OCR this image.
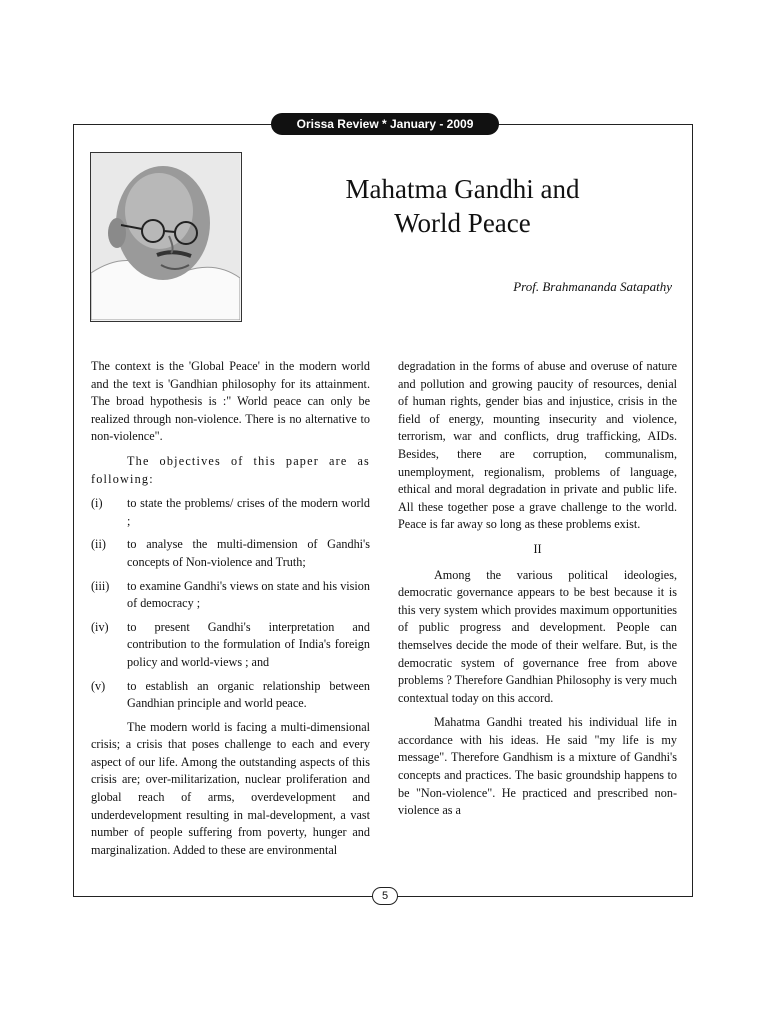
Orissa Review * January - 2009
Mahatma Gandhi and
World Peace
Prof. Brahmananda Satapathy

The context is the 'Global Peace' in the modern world and the text is 'Gandhian philosophy for its attainment. The broad hypothesis is :" World peace can only be realized through non-violence. There is no alternative to non-violence".

The objectives of this paper are as following:

(i)	to state the problems/ crises of the modern world ;
(ii)	to analyse the multi-dimension of Gandhi's concepts of Non-violence and Truth;
(iii)	to examine Gandhi's views on state and his vision of democracy ;
(iv)	to present Gandhi's interpretation and contribution to the formulation of India's foreign policy and world-views ; and
(v)	to establish an organic relationship between Gandhian principle and world peace.

The modern world is facing a multi-dimensional crisis; a crisis that poses challenge to each and every aspect of our life. Among the outstanding aspects of this crisis are; over-militarization, nuclear proliferation and global reach of arms, overdevelopment and underdevelopment resulting in mal-development, a vast number of people suffering from poverty, hunger and marginalization. Added to these are environmental

degradation in the forms of abuse and overuse of nature and pollution and growing paucity of resources, denial of human rights, gender bias and injustice, crisis in the field of energy, mounting insecurity and violence, terrorism, war and conflicts, drug trafficking, AIDs. Besides, there are corruption, communalism, unemployment, regionalism, problems of language, ethical and moral degradation in private and public life. All these together pose a grave challenge to the world. Peace is far away so long as these problems exist.

II

Among the various political ideologies, democratic governance appears to be best because it is this very system which provides maximum opportunities of public progress and development. People can themselves decide the mode of their welfare. But, is the democratic system of governance free from above problems ? Therefore Gandhian Philosophy is very much contextual today on this accord.

Mahatma Gandhi treated his individual life in accordance with his ideas. He said "my life is my message". Therefore Gandhism is a mixture of Gandhi's concepts and practices. The basic groundship happens to be "Non-violence". He practiced and prescribed non-violence as a

5
